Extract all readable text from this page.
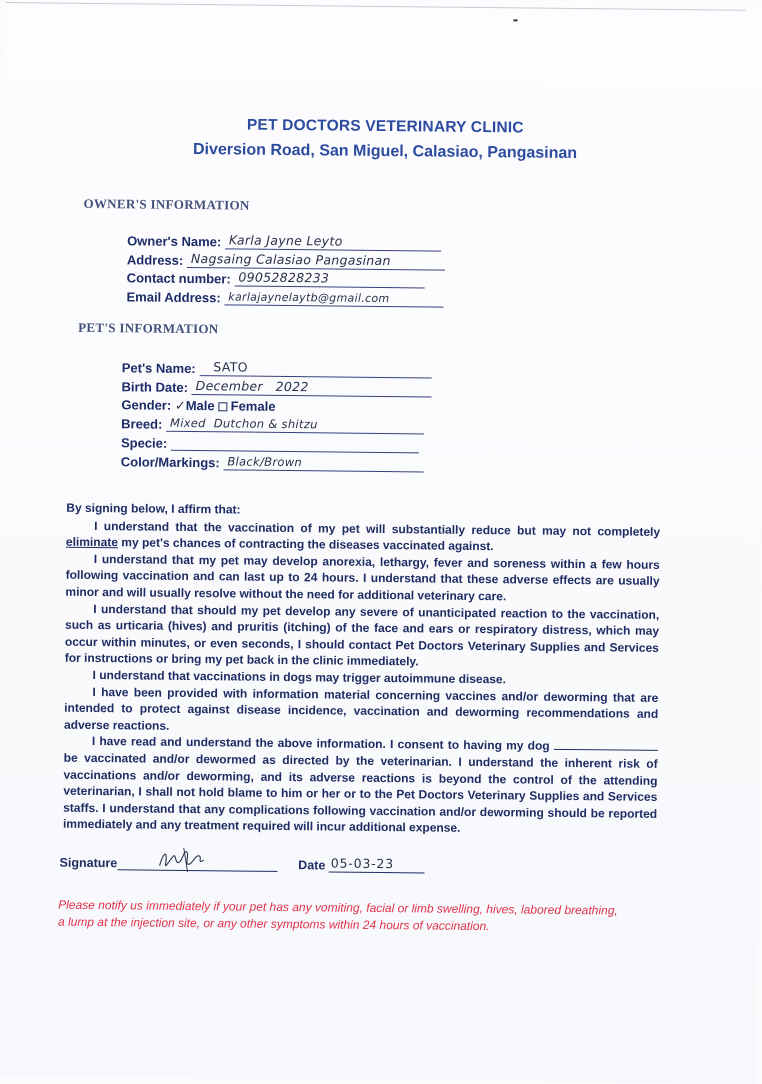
PET DOCTORS VETERINARY CLINIC
Diversion Road, San Miguel, Calasiao, Pangasinan
OWNER'S INFORMATION
Owner's Name: Karla Jayne Leyto
Address: Nagsaing Calasiao Pangasinan
Contact number: 09052828233
Email Address: karlajaynelaytb@gmail.com
PET'S INFORMATION
Pet's Name: SATO
Birth Date: December   2022
Gender: ✓Male Female
Breed: Mixed  Dutchon & shitzu
Specie:
Color/Markings: Black/Brown

By signing below, I affirm that:

I understand that the vaccination of my pet will substantially reduce but may not completely eliminate my pet's chances of contracting the diseases vaccinated against.

I understand that my pet may develop anorexia, lethargy, fever and soreness within a few hours following vaccination and can last up to 24 hours. I understand that these adverse effects are usually minor and will usually resolve without the need for additional veterinary care.

I understand that should my pet develop any severe of unanticipated reaction to the vaccination, such as urticaria (hives) and pruritis (itching) of the face and ears or respiratory distress, which may occur within minutes, or even seconds, I should contact Pet Doctors Veterinary Supplies and Services for instructions or bring my pet back in the clinic immediately.

I understand that vaccinations in dogs may trigger autoimmune disease.

I have been provided with information material concerning vaccines and/or deworming that are intended to protect against disease incidence, vaccination and deworming recommendations and adverse reactions.

I have read and understand the above information. I consent to having my dog  be vaccinated and/or dewormed as directed by the veterinarian. I understand the inherent risk of vaccinations and/or deworming, and its adverse reactions is beyond the control of the attending veterinarian, I shall not hold blame to him or her or to the Pet Doctors Veterinary Supplies and Services staffs. I understand that any complications following vaccination and/or deworming should be reported immediately and any treatment required will incur additional expense.

Signature	Date 05-03-23
Please notify us immediately if your pet has any vomiting, facial or limb swelling, hives, labored breathing, a lump at the injection site, or any other symptoms within 24 hours of vaccination.
